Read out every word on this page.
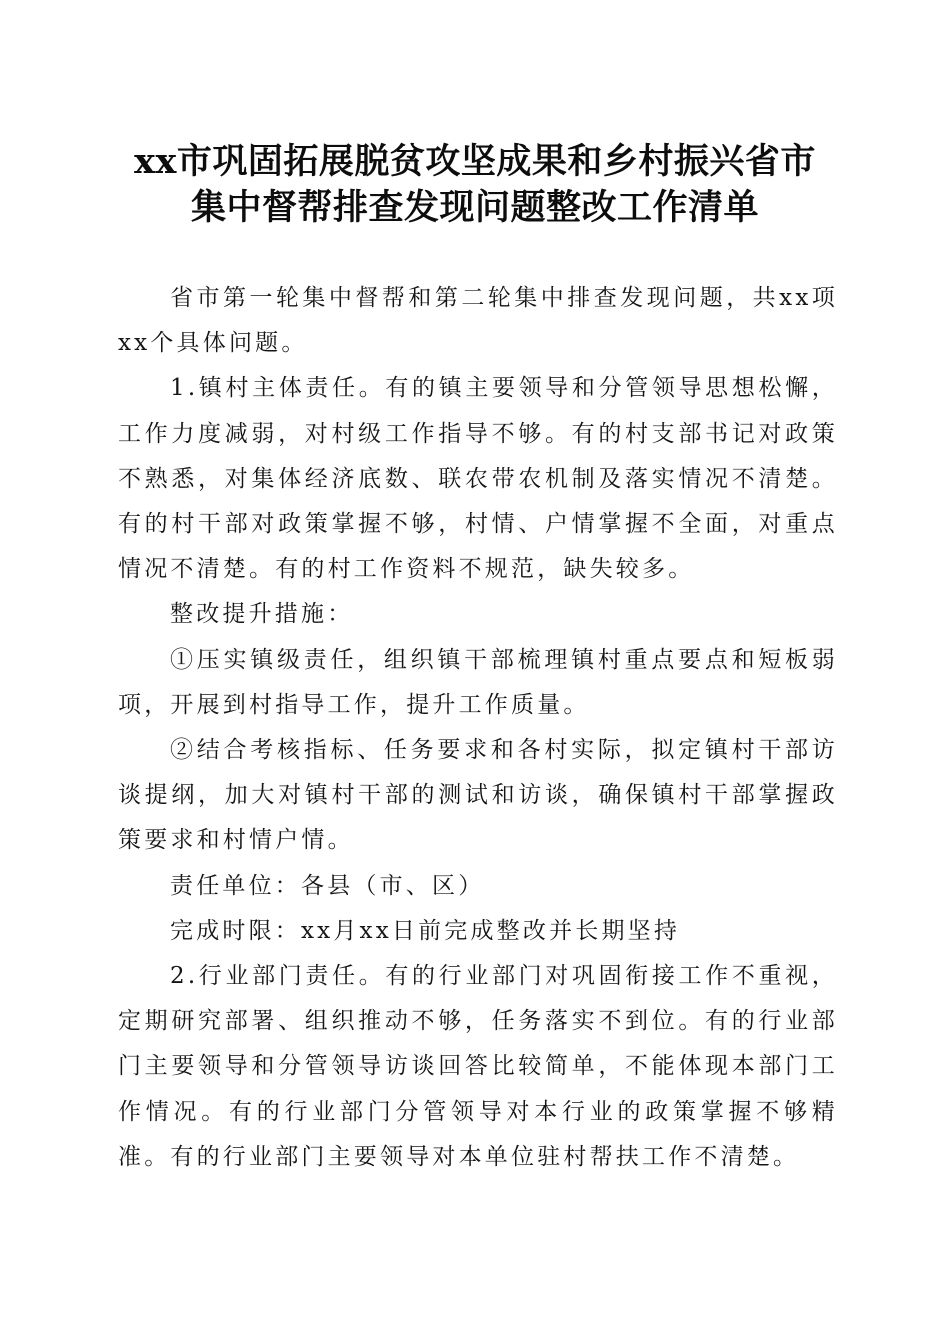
xx市巩固拓展脱贫攻坚成果和乡村振兴省市
集中督帮排查发现问题整改工作清单

省市第一轮集中督帮和第二轮集中排查发现问题，共xx项xx个具体问题。

1.镇村主体责任。有的镇主要领导和分管领导思想松懈，工作力度减弱，对村级工作指导不够。有的村支部书记对政策不熟悉，对集体经济底数、联农带农机制及落实情况不清楚。有的村干部对政策掌握不够，村情、户情掌握不全面，对重点情况不清楚。有的村工作资料不规范，缺失较多。

整改提升措施：

①压实镇级责任，组织镇干部梳理镇村重点要点和短板弱项，开展到村指导工作，提升工作质量。

②结合考核指标、任务要求和各村实际，拟定镇村干部访谈提纲，加大对镇村干部的测试和访谈，确保镇村干部掌握政策要求和村情户情。

责任单位：各县（市、区）

完成时限：xx月xx日前完成整改并长期坚持

2.行业部门责任。有的行业部门对巩固衔接工作不重视，定期研究部署、组织推动不够，任务落实不到位。有的行业部门主要领导和分管领导访谈回答比较简单，不能体现本部门工作情况。有的行业部门分管领导对本行业的政策掌握不够精准。有的行业部门主要领导对本单位驻村帮扶工作不清楚。
